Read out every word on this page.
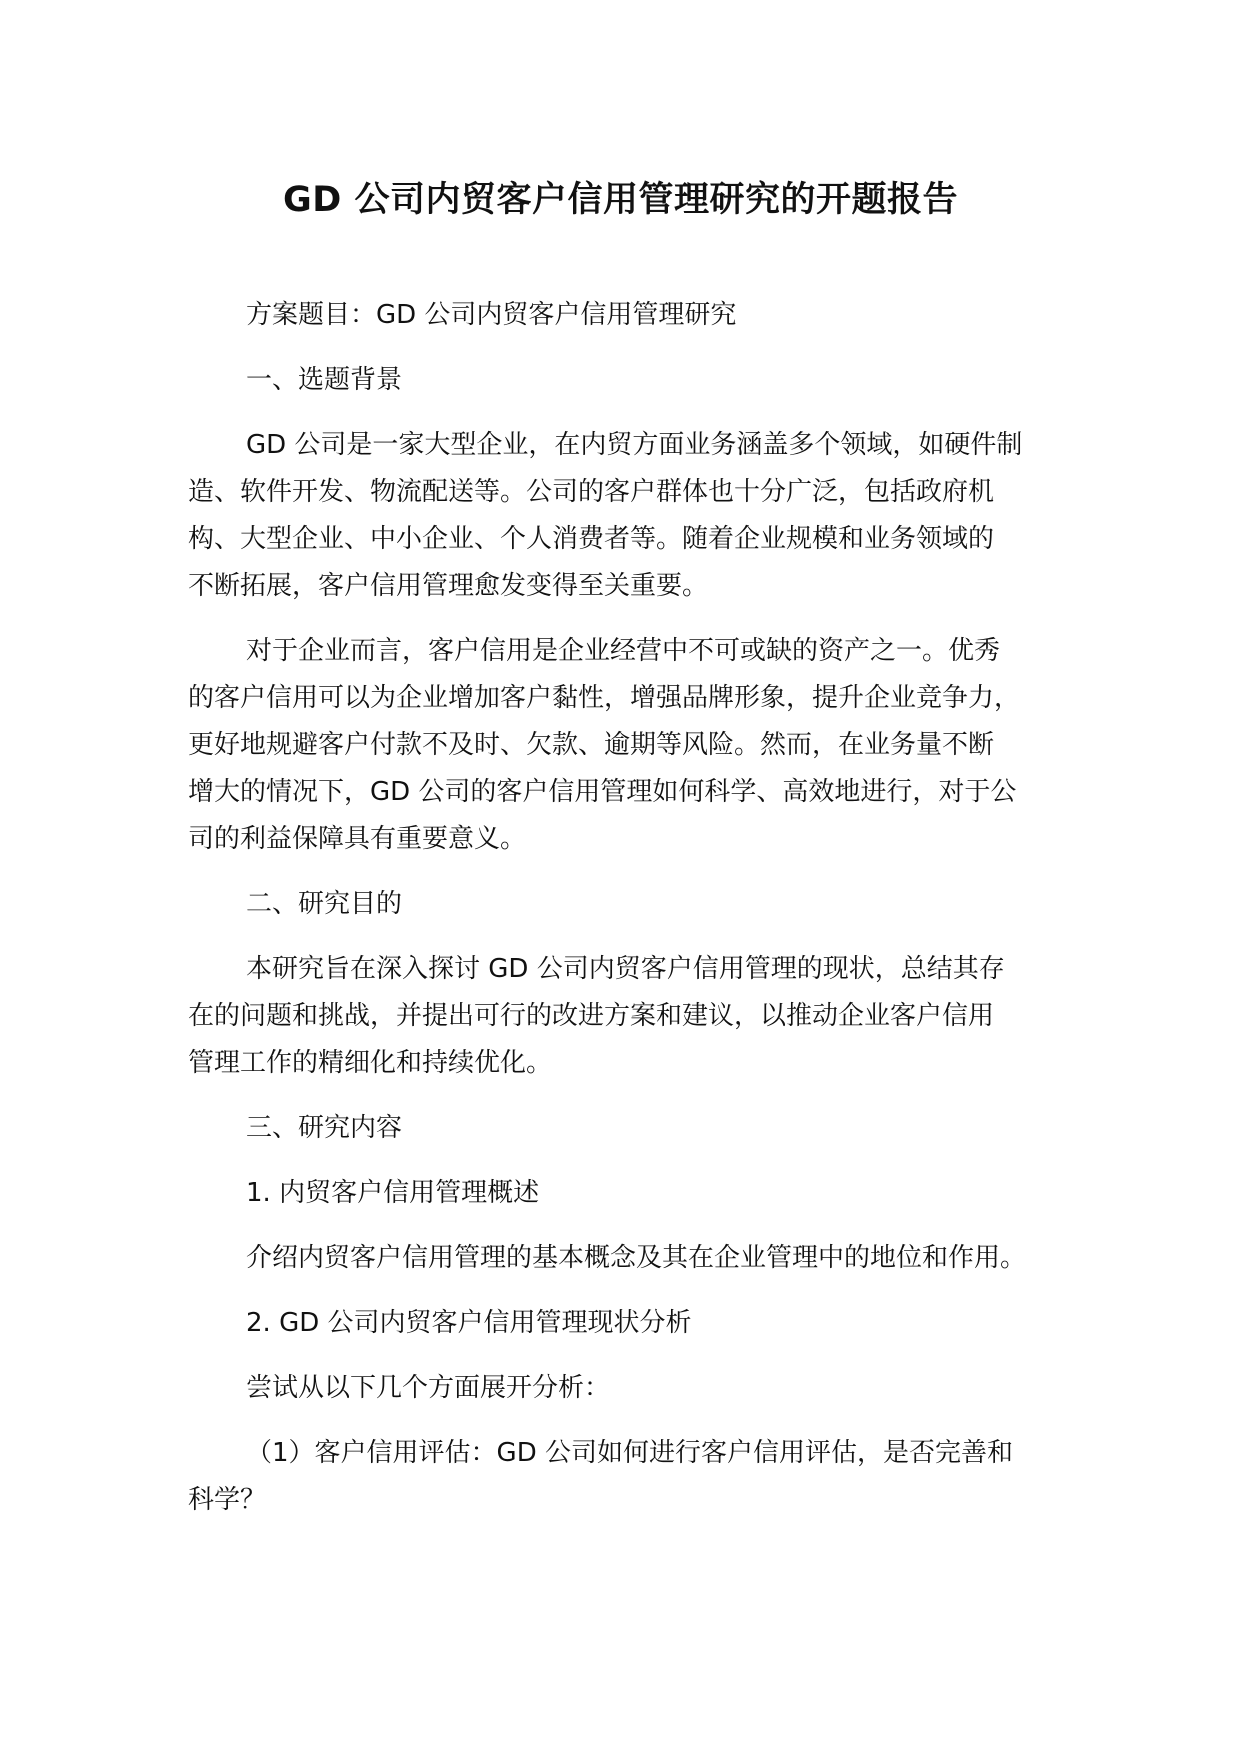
GD 公司内贸客户信用管理研究的开题报告

方案题目：GD 公司内贸客户信用管理研究

一、选题背景

GD 公司是一家大型企业，在内贸方面业务涵盖多个领域，如硬件制
造、软件开发、物流配送等。公司的客户群体也十分广泛，包括政府机
构、大型企业、中小企业、个人消费者等。随着企业规模和业务领域的
不断拓展，客户信用管理愈发变得至关重要。

对于企业而言，客户信用是企业经营中不可或缺的资产之一。优秀
的客户信用可以为企业增加客户黏性，增强品牌形象，提升企业竞争力，
更好地规避客户付款不及时、欠款、逾期等风险。然而，在业务量不断
增大的情况下，GD 公司的客户信用管理如何科学、高效地进行，对于公
司的利益保障具有重要意义。

二、研究目的

本研究旨在深入探讨 GD 公司内贸客户信用管理的现状，总结其存
在的问题和挑战，并提出可行的改进方案和建议，以推动企业客户信用
管理工作的精细化和持续优化。

三、研究内容

1. 内贸客户信用管理概述

介绍内贸客户信用管理的基本概念及其在企业管理中的地位和作用。

2. GD 公司内贸客户信用管理现状分析

尝试从以下几个方面展开分析：

（1）客户信用评估：GD 公司如何进行客户信用评估，是否完善和
科学？
